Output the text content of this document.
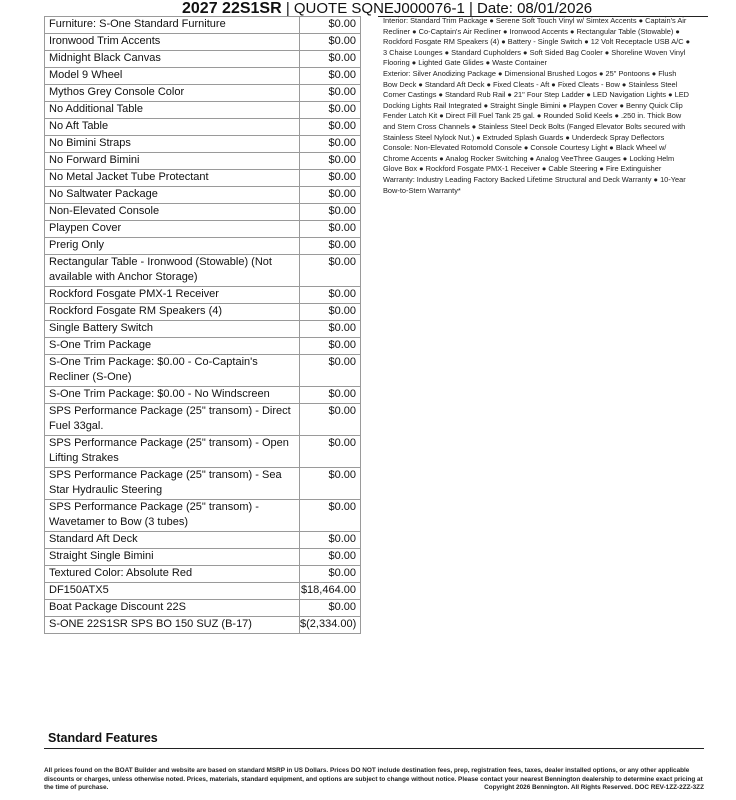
2027 22S1SR | QUOTE SQNEJ000076-1 | Date: 08/01/2026
Furniture: S-One Standard Furniture	$0.00
Ironwood Trim Accents	$0.00
Midnight Black Canvas	$0.00
Model 9 Wheel	$0.00
Mythos Grey Console Color	$0.00
No Additional Table	$0.00
No Aft Table	$0.00
No Bimini Straps	$0.00
No Forward Bimini	$0.00
No Metal Jacket Tube Protectant	$0.00
No Saltwater Package	$0.00
Non-Elevated Console	$0.00
Playpen Cover	$0.00
Prerig Only	$0.00
Rectangular Table - Ironwood (Stowable) (Not available with Anchor Storage)	$0.00
Rockford Fosgate PMX-1 Receiver	$0.00
Rockford Fosgate RM Speakers (4)	$0.00
Single Battery Switch	$0.00
S-One Trim Package	$0.00
S-One Trim Package: $0.00 - Co-Captain's Recliner (S-One)	$0.00
S-One Trim Package: $0.00 - No Windscreen	$0.00
SPS Performance Package (25" transom) - Direct Fuel 33gal.	$0.00
SPS Performance Package (25" transom) - Open Lifting Strakes	$0.00
SPS Performance Package (25" transom) - Sea Star Hydraulic Steering	$0.00
SPS Performance Package (25" transom) - Wavetamer to Bow (3 tubes)	$0.00
Standard Aft Deck	$0.00
Straight Single Bimini	$0.00
Textured Color: Absolute Red	$0.00
DF150ATX5	$18,464.00
Boat Package Discount 22S	$0.00
S-ONE 22S1SR SPS BO 150 SUZ (B-17)	$(2,334.00)

Interior: Standard Trim Package ● Serene Soft Touch Vinyl w/ Simtex Accents ● Captain's Air Recliner ● Co-Captain's Air Recliner ● Ironwood Accents ● Rectangular Table (Stowable) ● Rockford Fosgate RM Speakers (4) ● Battery - Single Switch ● 12 Volt Receptacle USB A/C ● 3 Chaise Lounges ● Standard Cupholders ● Soft Sided Bag Cooler ● Shoreline Woven Vinyl Flooring ● Lighted Gate Glides ● Waste Container

Exterior: Silver Anodizing Package ● Dimensional Brushed Logos ● 25" Pontoons ● Flush Bow Deck ● Standard Aft Deck ● Fixed Cleats - Aft ● Fixed Cleats - Bow ● Stainless Steel Corner Castings ● Standard Rub Rail ● 21" Four Step Ladder ● LED Navigation Lights ● LED Docking Lights Rail Integrated ● Straight Single Bimini ● Playpen Cover ● Benny Quick Clip Fender Latch Kit ● Direct Fill Fuel Tank 25 gal. ● Rounded Solid Keels ● .250 in. Thick Bow and Stern Cross Channels ● Stainless Steel Deck Bolts (Fanged Elevator Bolts secured with Stainless Steel Nylock Nut.) ● Extruded Splash Guards ● Underdeck Spray Deflectors

Console: Non-Elevated Rotomold Console ● Console Courtesy Light ● Black Wheel w/ Chrome Accents ● Analog Rocker Switching ● Analog VeeThree Gauges ● Locking Helm Glove Box ● Rockford Fosgate PMX-1 Receiver ● Cable Steering ● Fire Extinguisher

Warranty: Industry Leading Factory Backed Lifetime Structural and Deck Warranty ● 10-Year Bow-to-Stern Warranty*

Standard Features
All prices found on the BOAT Builder and website are based on standard MSRP in US Dollars. Prices DO NOT include destination fees, prep, registration fees, taxes, dealer installed options, or any other applicable discounts or charges, unless otherwise noted. Prices, materials, standard equipment, and options are subject to change without notice. Please contact your nearest Bennington dealership to determine exact pricing at the time of purchase.	Copyright 2026 Bennington. All Rights Reserved. DOC REV-1ZZ-2ZZ-3ZZ
